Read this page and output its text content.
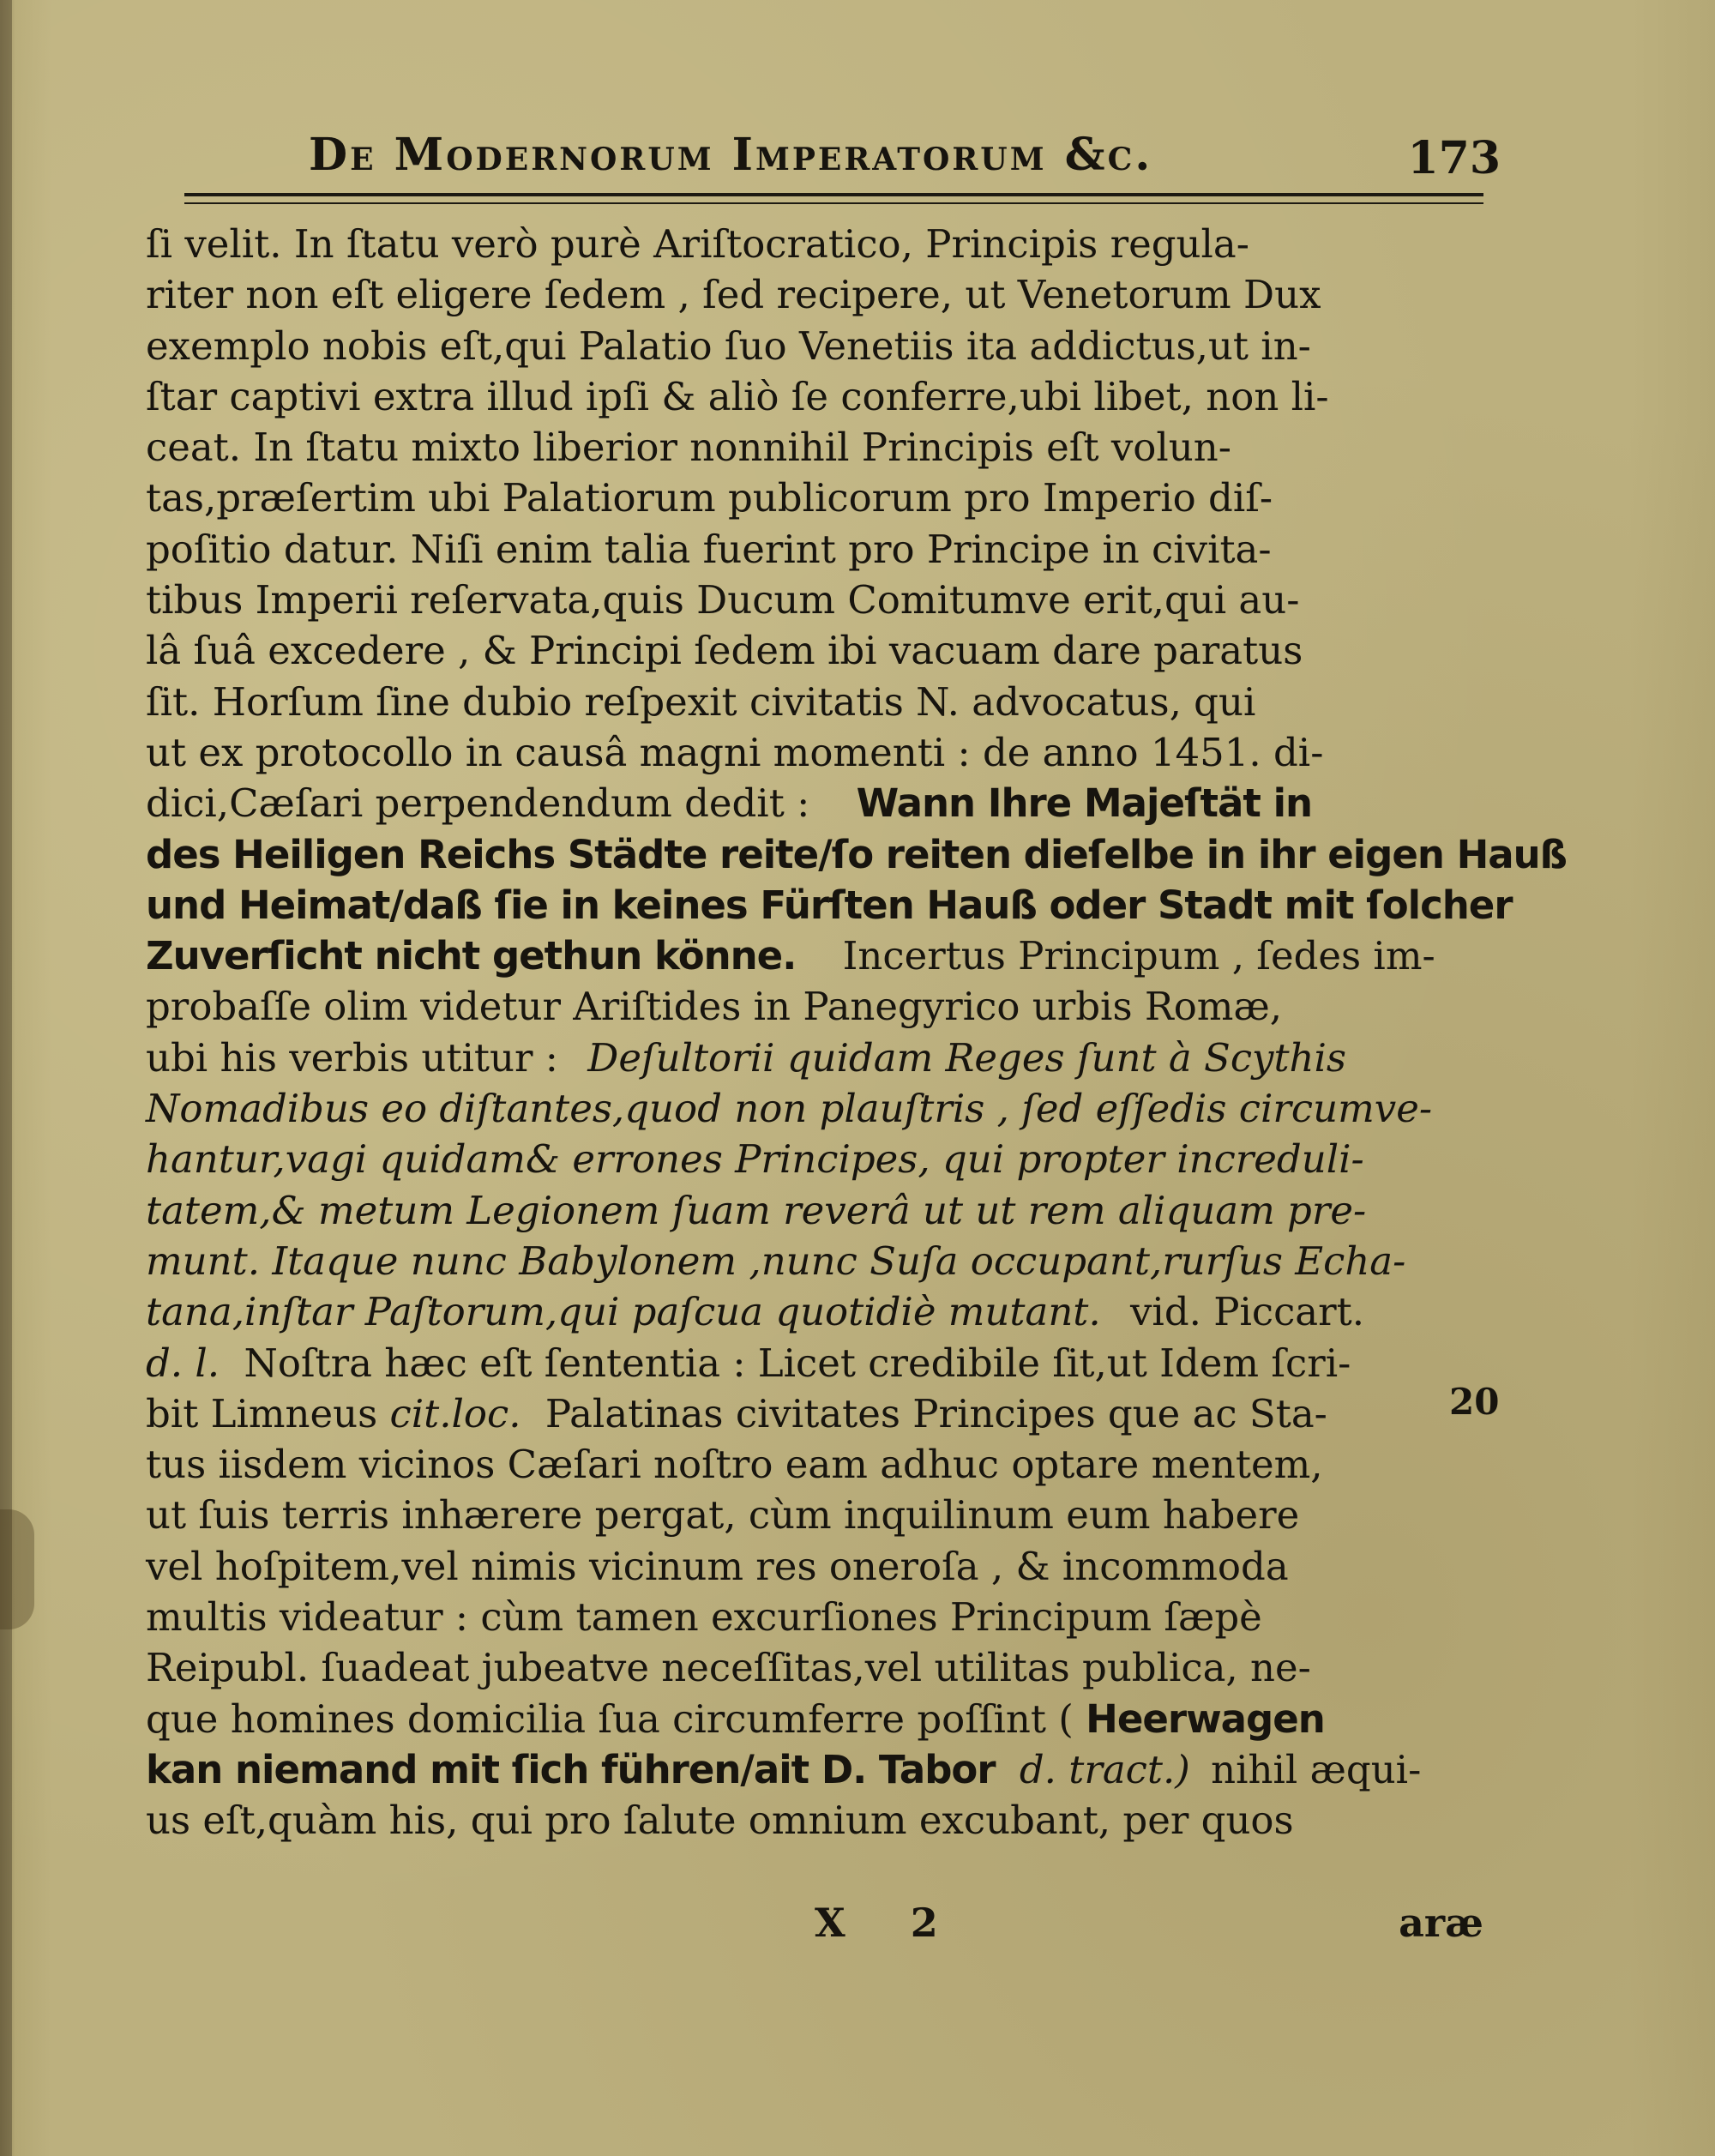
De Modernorum Imperatorum &c.	173
ſi velit. In ſtatu verò purè Ariſtocratico, Principis regula-
riter non eſt eligere ſedem , ſed recipere, ut Venetorum Dux
exemplo nobis eſt,qui Palatio ſuo Venetiis ita addictus,ut in-
ſtar captivi extra illud ipſi & aliò ſe conferre,ubi libet, non li-
ceat. In ſtatu mixto liberior nonnihil Principis eſt volun-
tas,præſertim ubi Palatiorum publicorum pro Imperio diſ-
poſitio datur. Niſi enim talia fuerint pro Principe in civita-
tibus Imperii reſervata,quis Ducum Comitumve erit,qui au-
lâ ſuâ excedere , & Principi ſedem ibi vacuam dare paratus
ſit. Horſum ſine dubio reſpexit civitatis N. advocatus, qui
ut ex protocollo in causâ magni momenti : de anno 1451. di-
dici,Cæſari perpendendum dedit : Wann Ihre Majeſtät in
des Heiligen Reichs Städte reite/ſo reiten dieſelbe in ihr eigen Hauß
und Heimat/daß ſie in keines Fürſten Hauß oder Stadt mit ſolcher
Zuverſicht nicht gethun könne. Incertus Principum , ſedes im-
probaſſe olim videtur Ariſtides in Panegyrico urbis Romæ,
ubi his verbis utitur : Deſultorii quidam Reges ſunt à Scythis
Nomadibus eo diſtantes,quod non plauſtris , ſed eſſedis circumve-
hantur,vagi quidam& errones Principes, qui propter increduli-
tatem,& metum Legionem ſuam reverâ ut ut rem aliquam pre-
munt. Itaque nunc Babylonem ,nunc Suſa occupant,rurſus Echa-
tana,inſtar Paſtorum,qui paſcua quotidiè mutant. vid. Piccart.
d. l. Noſtra hæc eſt ſententia : Licet credibile ſit,ut Idem ſcri-
bit Limneus cit.loc. Palatinas civitates Principes que ac Sta-
tus iisdem vicinos Cæſari noſtro eam adhuc optare mentem,
ut ſuis terris inhærere pergat, cùm inquilinum eum habere
vel hoſpitem,vel nimis vicinum res oneroſa , & incommoda
multis videatur : cùm tamen excurſiones Principum ſæpè
Reipubl. ſuadeat jubeatve neceſſitas,vel utilitas publica, ne-
que homines domicilia ſua circumferre poſſint ( Heerwagen
kan niemand mit ſich führen/ait D. Tabor d. tract.) nihil æqui-
us eſt,quàm his, qui pro ſalute omnium excubant, per quos
20
X 2	aræ
